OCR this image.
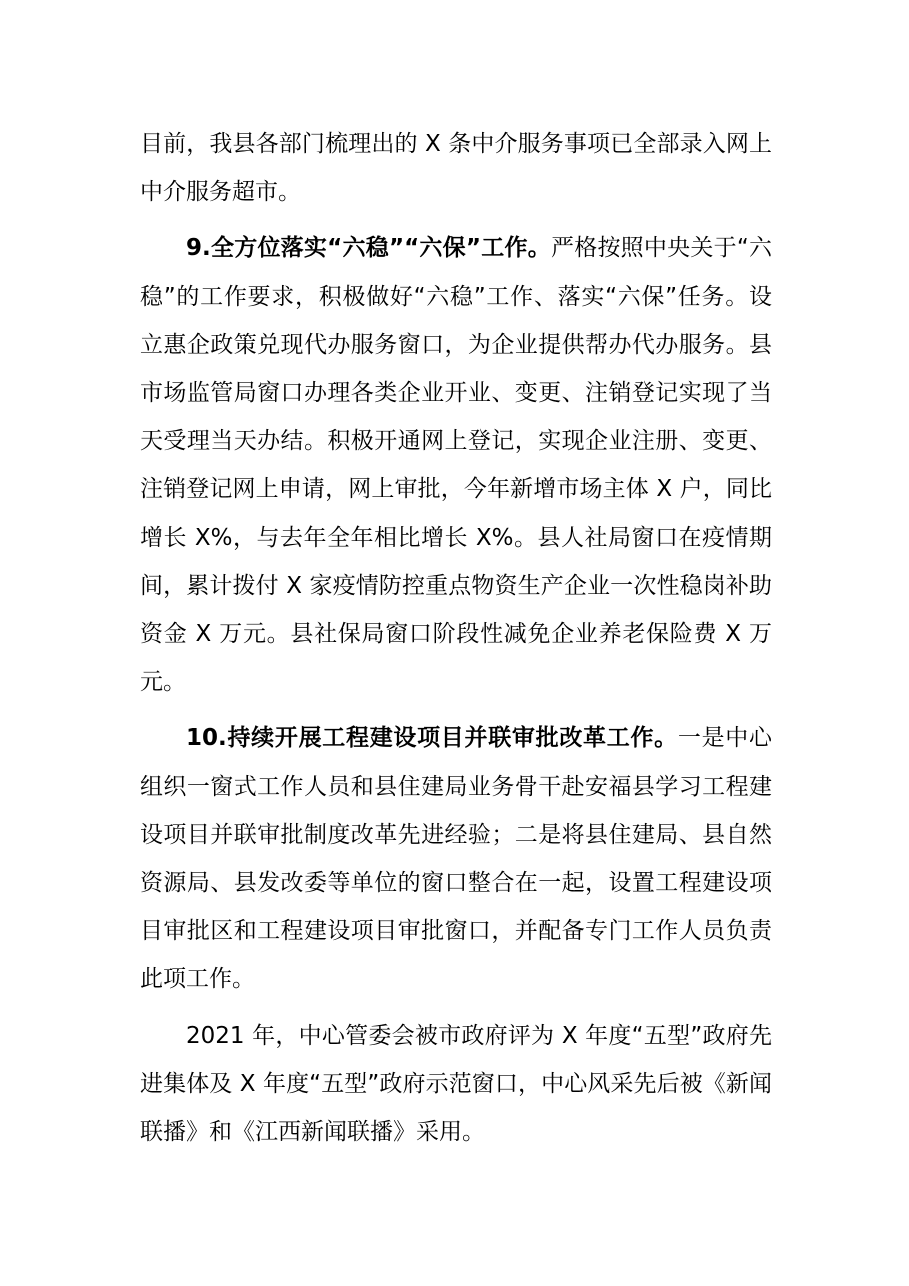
目前，我县各部门梳理出的 X 条中介服务事项已全部录入网上中介服务超市。

9.全方位落实“六稳”“六保”工作。严格按照中央关于“六稳”的工作要求，积极做好“六稳”工作、落实“六保”任务。设立惠企政策兑现代办服务窗口，为企业提供帮办代办服务。县市场监管局窗口办理各类企业开业、变更、注销登记实现了当天受理当天办结。积极开通网上登记，实现企业注册、变更、注销登记网上申请，网上审批，今年新增市场主体 X 户，同比增长 X%，与去年全年相比增长 X%。县人社局窗口在疫情期间，累计拨付 X 家疫情防控重点物资生产企业一次性稳岗补助资金 X 万元。县社保局窗口阶段性减免企业养老保险费 X 万元。

10.持续开展工程建设项目并联审批改革工作。一是中心组织一窗式工作人员和县住建局业务骨干赴安福县学习工程建设项目并联审批制度改革先进经验；二是将县住建局、县自然资源局、县发改委等单位的窗口整合在一起，设置工程建设项目审批区和工程建设项目审批窗口，并配备专门工作人员负责此项工作。

2021 年，中心管委会被市政府评为 X 年度“五型”政府先进集体及 X 年度“五型”政府示范窗口，中心风采先后被《新闻联播》和《江西新闻联播》采用。
